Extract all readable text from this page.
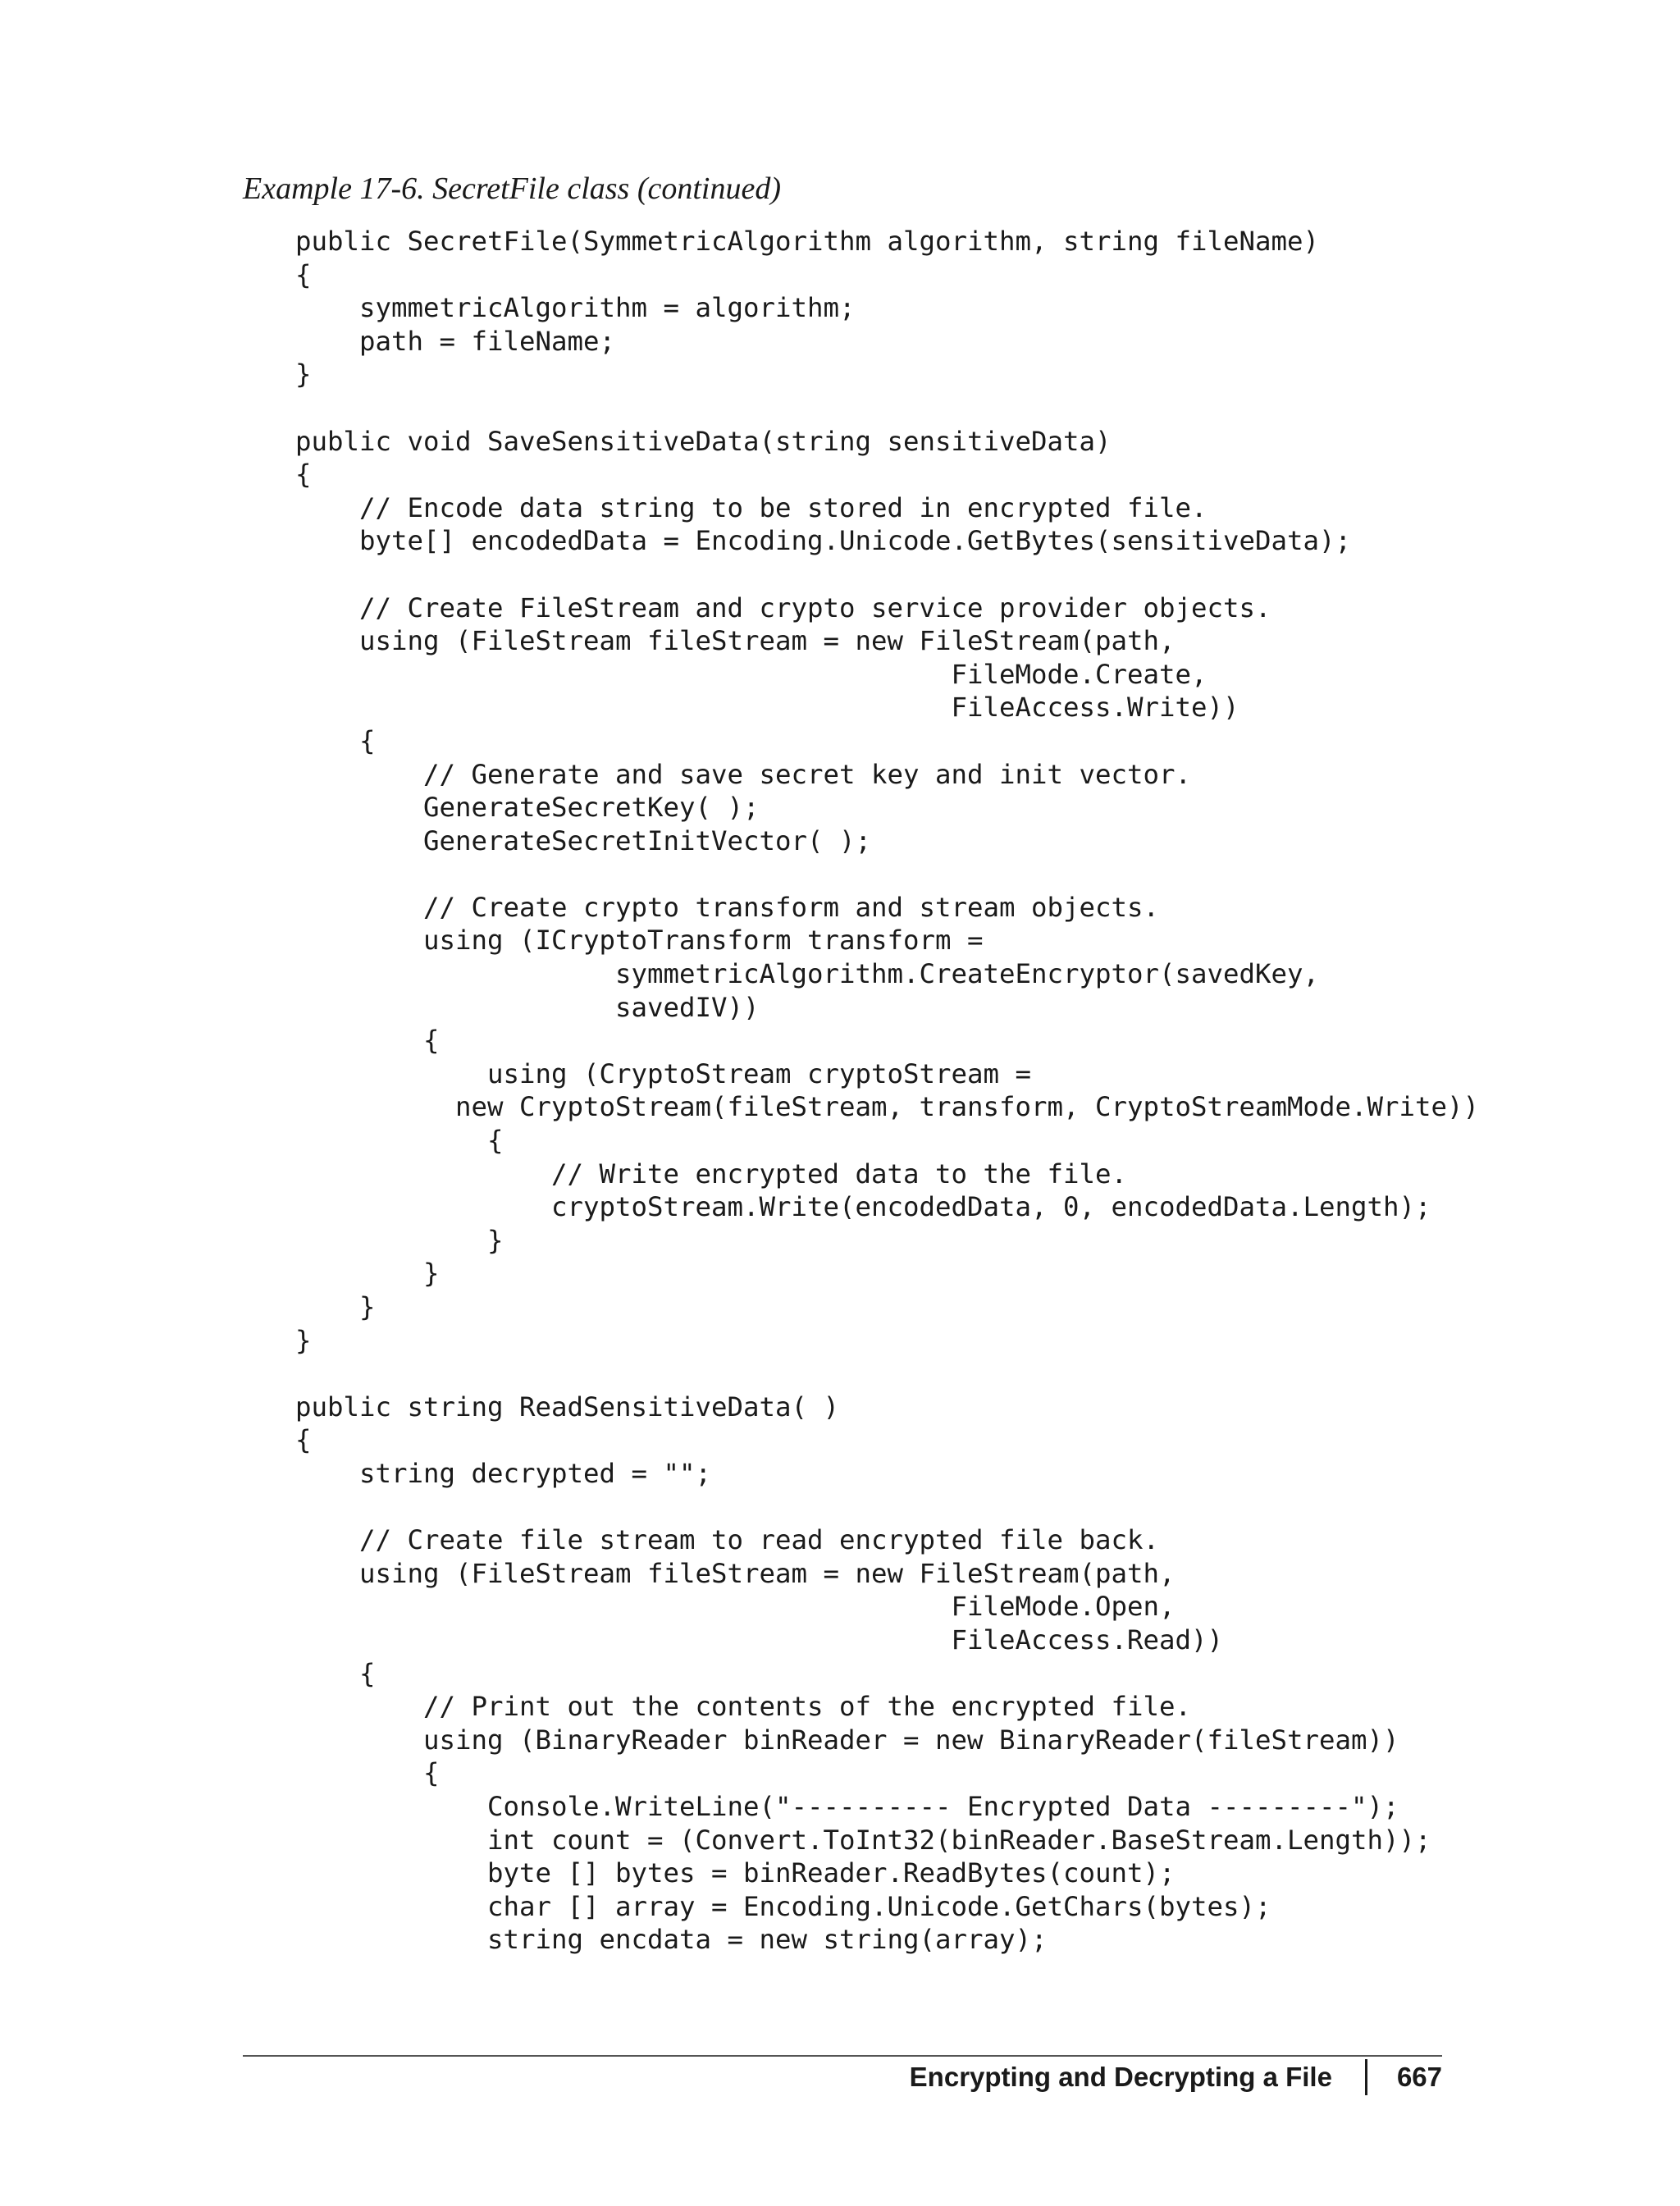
Example 17-6. SecretFile class (continued)

public SecretFile(SymmetricAlgorithm algorithm, string fileName)
{
symmetricAlgorithm = algorithm;
path = fileName;
}
public void SaveSensitiveData(string sensitiveData)
{
// Encode data string to be stored in encrypted file.
byte[] encodedData = Encoding.Unicode.GetBytes(sensitiveData);
// Create FileStream and crypto service provider objects.
using (FileStream fileStream = new FileStream(path,
FileMode.Create,
FileAccess.Write))
{
// Generate and save secret key and init vector.
GenerateSecretKey( );
GenerateSecretInitVector( );
// Create crypto transform and stream objects.
using (ICryptoTransform transform =
symmetricAlgorithm.CreateEncryptor(savedKey,
savedIV))
{
using (CryptoStream cryptoStream =
new CryptoStream(fileStream, transform, CryptoStreamMode.Write))
{
// Write encrypted data to the file.
cryptoStream.Write(encodedData, 0, encodedData.Length);
}
}
}
}
public string ReadSensitiveData( )
{
string decrypted = "";
// Create file stream to read encrypted file back.
using (FileStream fileStream = new FileStream(path,
FileMode.Open,
FileAccess.Read))
{
// Print out the contents of the encrypted file.
using (BinaryReader binReader = new BinaryReader(fileStream))
{
Console.WriteLine("---------- Encrypted Data ---------");
int count = (Convert.ToInt32(binReader.BaseStream.Length));
byte [] bytes = binReader.ReadBytes(count);
char [] array = Encoding.Unicode.GetChars(bytes);
string encdata = new string(array);
Encrypting and Decrypting a File 667
